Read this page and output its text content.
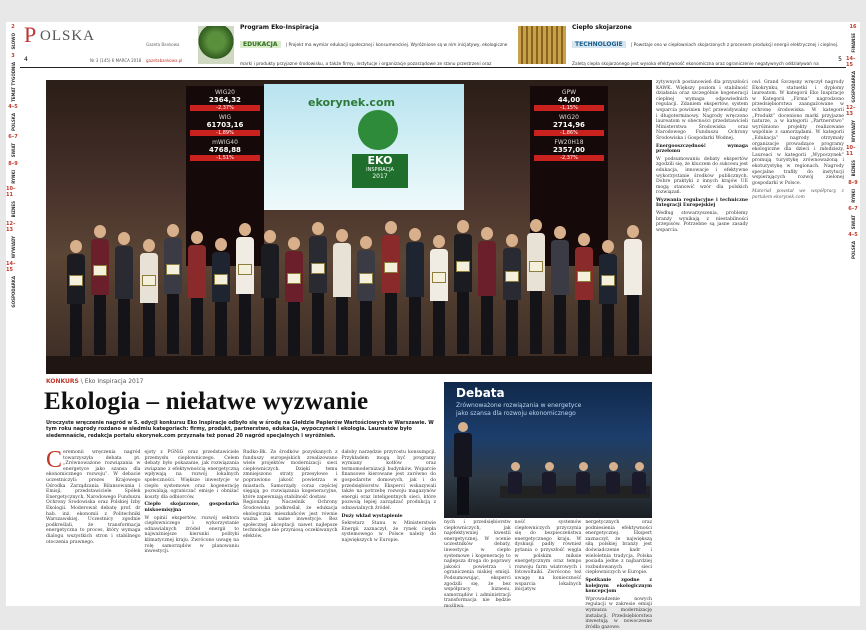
2
SŁOWO
3
TEMAT TYGODNIA
4–5
POLSKA
6–7
ŚWIAT
8–9
RYNKI
10–11
BIZNES
12–13
WYWIADY
14–15
GOSPODARKA
16
FINANSE
14–15
GOSPODARKA
12–13
WYWIADY
10–11
BIZNES
8–9
RYNKI
6–7
ŚWIAT
4–5
POLSKA
P OLSKA
4	Nr 3 (145) 6 MARCA 2018
Gazeta Bankowa
gazetabankowa.pl
Program Eko-Inspiracja
EDUKACJA | Projekt ma wymiar edukacji społecznej i konsumenckiej. Wyróżnione są w nim inicjatywy, ekologiczne marki i produkty przyjazne środowisku, a także firmy, instytucje i organizacje pozarządowe ze stanu przestrzeni oraz
Ciepło skojarzone
TECHNOLOGIE | Powstaje ono w ciepłowniach skojarzonych z procesem produkcji energii elektrycznej i cieplnej. Zaletą ciepła skojarzonego jest wysoka efektywność ekonomiczna oraz ograniczenie negatywnych oddziaływań na
5
ekorynek.com
EKO
INSPIRACJA
2017
WIG20
2364,32
-2,37%
WIG
61703,16
-1,89%
mWIG40
4768,88
-1,51%
GPW
44,00
-1,15%
WIG20
2714,96
-1,86%
FW20H18
2357,00
-2,37%
KONKURS \ Eko Inspiracja 2017
Ekologia – niełatwe wyzwanie

Uroczyste wręczenie nagród w 5. edycji konkursu Eko Inspiracje odbyło się w środę na Giełdzie Papierów Wartościowych w Warszawie. W tym roku nagrody rozdano w siedmiu kategoriach: firmy, produkt, partnerstwo, edukacja, wypoczynek i ekologia. Laureatów było siedemnaście, redakcja portalu ekorynek.com przyznała też ponad 20 nagród specjalnych i wyróżnień.

C eremonii wręczenia nagród towarzyszyła debata pt. „Zrównoważone rozwiązania w energetyce jako szansa dla ekonomicznego rozwoju”. W debacie uczestniczyli: prezes Krajowego Ośrodka Zarządzania Bilansowania i Emisji, przedstawiciele Spółek Energetycznych, Narodowego Funduszu Ochrony Środowiska oraz Polskiej Izby Ekologii. Moderował debatę prof. dr hab. inż. ekonomii z Politechniki Warszawskiej. Uczestnicy zgodnie podkreślali, że transformacja energetyczna to proces, który wymaga dialogu wszystkich stron i stabilnego otoczenia prawnego.
ejoty z PGNiG oraz przedstawiciele przemysłu ciepłowniczego. Celem debaty było pokazanie, jak rozwiązania związane z efektywnością energetyczną wpływają na rozwój lokalnych społeczności. Większe inwestycje w ciepło systemowe oraz kogenerację pozwalają ograniczać emisje i obniżać koszty dla odbiorców.
Ciepło skojarzone, gospodarka niskoemisyjna
W opinii ekspertów, rozwój sektora ciepłowniczego i wykorzystanie odnawialnych źródeł energii to najważniejsze kierunki polityki klimatycznej kraju. Zwrócono uwagę na rolę samorządów w planowaniu inwestycji.
Rudko-Iłk. Ze środków pozyskanych z funduszy europejskich zrealizowano wiele projektów modernizacji sieci ciepłowniczych. Dzięki temu zmniejszono straty przesyłowe i poprawiono jakość powietrza w miastach. Samorządy coraz częściej sięgają po rozwiązania kogeneracyjne, które zapewniają stabilność dostaw.

Regionalny Naczelnik Ochrony Środowiska podkreślał, że edukacja ekologiczna mieszkańców jest równie ważna jak same inwestycje. Bez społecznej akceptacji nawet najlepsze technologie nie przyniosą oczekiwanych efektów.

dałoby narzędzie przyrostu konsumpcji. Przykładem mogą być programy wymiany kotłów oraz termomodernizacji budynków. Wsparcie finansowe kierowane jest zarówno do gospodarstw domowych, jak i do przedsiębiorstw. Eksperci wskazywali także na potrzebę rozwoju magazynów energii oraz inteligentnych sieci, które pozwolą lepiej zarządzać produkcją z odnawialnych źródeł.
Duży wkład wystąpienie
Sekretarz Stanu w Ministerstwie Energii zaznaczył, że rynek ciepła systemowego w Polsce należy do największych w Europie.
Debata
Zrównoważone rozwiązania w energetyce
jako szansa dla rozwoju ekonomicznego
nych i przedsiębiorstw ciepłowniczych, jak najefektywniej kwestii energetycznej. W ocenie uczestników debaty, inwestycje w ciepło systemowe i kogenerację to najlepsza droga do poprawy jakości powietrza i ograniczenia niskiej emisji. Podsumowując, eksperci zgodzili się, że bez współpracy biznesu, samorządów i administracji transformacja nie będzie możliwa.
ność systemów ciepłowniczych przyczynia się do bezpieczeństwa energetycznego kraju. W dyskusji padły również pytania o przyszłość węgla w polskim miksie energetycznym oraz tempo rozwoju farm wiatrowych i fotowoltaiki. Zwrócono też uwagę na konieczność wsparcia lokalnych inicjatyw.
nergetycznych oraz podniesienia efektywności energetycznej. Ekspert zaznaczył, że największą siłą polskiej branży jest doświadczenie kadr i wieloletnia tradycja. Polska posiada jedne z najbardziej rozbudowanych sieci ciepłowniczych w Europie.
Spotkanie zgodne z kolejnym ekologicznym koncepcjom
Wprowadzenie nowych regulacji w zakresie emisji wymusza modernizację instalacji. Przedsiębiorstwa inwestują w nowoczesne źródła gazowe.
zytywnych postanowień dla przyszłości KAWK. Większy poziom i stabilność działania oraz szczególnie kogeneracji cieplnej wymaga odpowiednich regulacji. Zdaniem ekspertów, system wsparcia powinien być przewidywalny i długoterminowy. Nagrody wręczono laureatom w obecności przedstawicieli Ministerstwa Środowiska oraz Narodowego Funduszu Ochrony Środowiska i Gospodarki Wodnej.
Energooszczędność wymaga przełomu
W podsumowaniu debaty ekspertów zgodzili się, że kluczem do sukcesu jest edukacja, innowacje i efektywne wykorzystanie środków publicznych. Dobre praktyki z innych krajów UE mogą stanowić wzór dla polskich rozwiązań.
Wyzwania regulacyjne i techniczne Integracji Europejskiej
Według stowarzyszenia, problemy branży wynikają z niestabilności przepisów. Potrzebne są jasne zasady wsparcia.
owl. Grand Szczęsny wręczył nagrody Ekokrynku, statuetki i dyplomy laureatom. W kategorii Eko Inspiracje w Kategorii „Firma” nagrodzono przedsiębiorstwa zaangażowane w ochronę środowiska. W kategorii „Produkt” doceniono marki przyjazne naturze, a w kategorii „Partnerstwo” wyróżniono projekty realizowane wspólnie z samorządami. W kategorii „Edukacja” nagrody otrzymały organizacje prowadzące programy ekologiczne dla dzieci i młodzieży. Laureaci w kategorii „Wypoczynek” promują turystykę zrównoważoną i ekoturystykę w regionach. Nagrody specjalne trafiły do instytucji wspierających rozwój zielonej gospodarki w Polsce.
Materiał powstał we współpracy z portalem ekorynek.com
